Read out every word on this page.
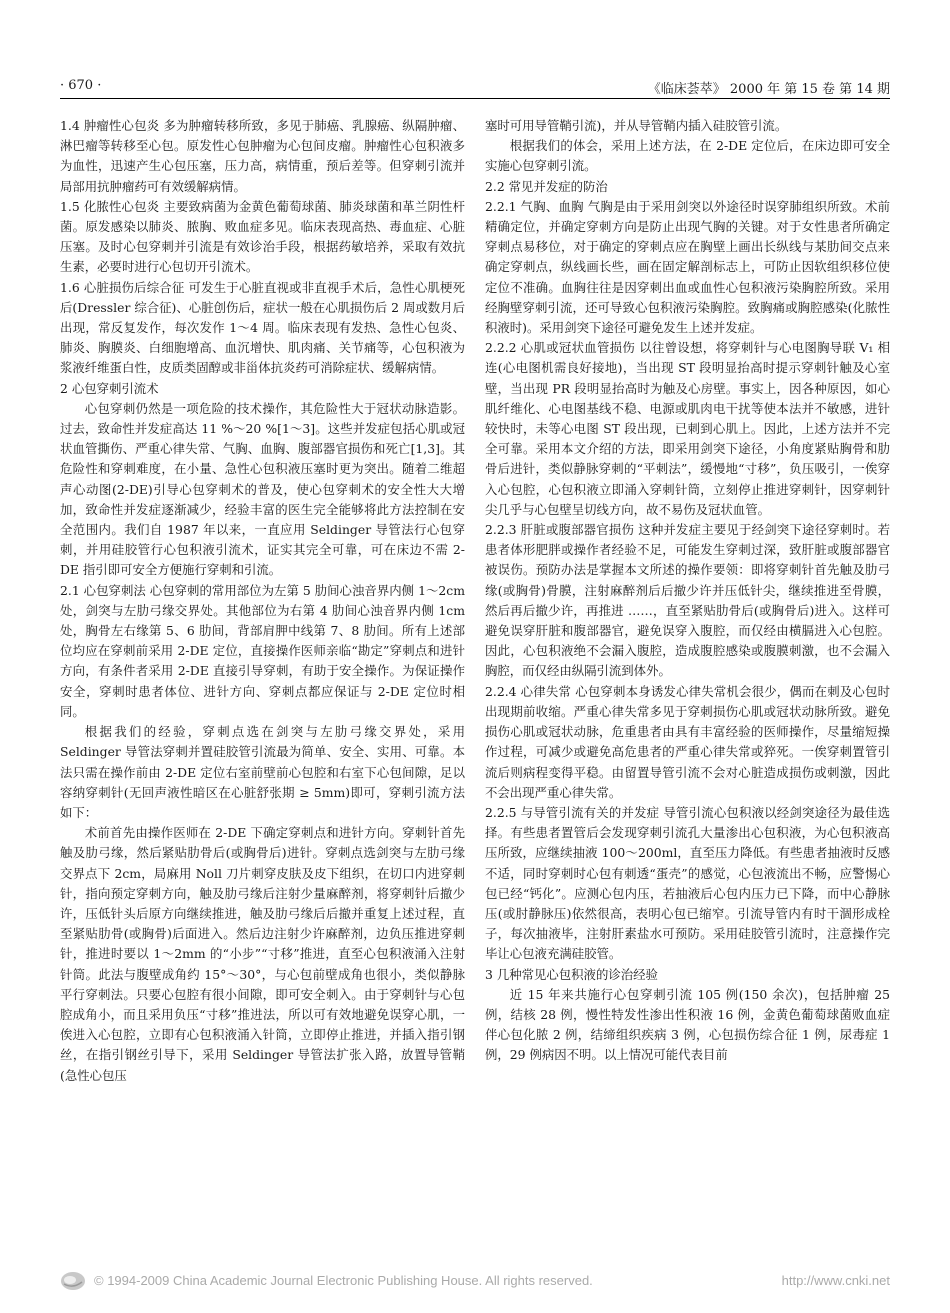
· 670 ·	《临床荟萃》 2000 年 第 15 卷 第 14 期

1.4 肿瘤性心包炎 多为肿瘤转移所致，多见于肺癌、乳腺癌、纵隔肿瘤、淋巴瘤等转移至心包。原发性心包肿瘤为心包间皮瘤。肿瘤性心包积液多为血性，迅速产生心包压塞，压力高，病情重，预后差等。但穿刺引流并局部用抗肿瘤药可有效缓解病情。

1.5 化脓性心包炎 主要致病菌为金黄色葡萄球菌、肺炎球菌和革兰阴性杆菌。原发感染以肺炎、脓胸、败血症多见。临床表现高热、毒血症、心脏压塞。及时心包穿刺并引流是有效诊治手段，根据药敏培养，采取有效抗生素，必要时进行心包切开引流术。

1.6 心脏损伤后综合征 可发生于心脏直视或非直视手术后，急性心肌梗死后(Dressler 综合征)、心脏创伤后，症状一般在心肌损伤后 2 周或数月后出现，常反复发作，每次发作 1～4 周。临床表现有发热、急性心包炎、肺炎、胸膜炎、白细胞增高、血沉增快、肌肉痛、关节痛等，心包积液为浆液纤维蛋白性，皮质类固醇或非甾体抗炎药可消除症状、缓解病情。

2 心包穿刺引流术

心包穿刺仍然是一项危险的技术操作，其危险性大于冠状动脉造影。过去，致命性并发症高达 11 %～20 %[1～3]。这些并发症包括心肌或冠状血管撕伤、严重心律失常、气胸、血胸、腹部器官损伤和死亡[1,3]。其危险性和穿刺难度，在小量、急性心包积液压塞时更为突出。随着二维超声心动图(2-DE)引导心包穿刺术的普及，使心包穿刺术的安全性大大增加，致命性并发症逐渐减少，经验丰富的医生完全能够将此方法控制在安全范围内。我们自 1987 年以来，一直应用 Seldinger 导管法行心包穿刺，并用硅胶管行心包积液引流术，证实其完全可靠，可在床边不需 2-DE 指引即可安全方便施行穿刺和引流。

2.1 心包穿刺法 心包穿刺的常用部位为左第 5 肋间心浊音界内侧 1～2cm 处，剑突与左肋弓缘交界处。其他部位为右第 4 肋间心浊音界内侧 1cm 处，胸骨左右缘第 5、6 肋间，背部肩胛中线第 7、8 肋间。所有上述部位均应在穿刺前采用 2-DE 定位，直接操作医师亲临“勘定”穿刺点和进针方向，有条件者采用 2-DE 直接引导穿刺，有助于安全操作。为保证操作安全，穿刺时患者体位、进针方向、穿刺点都应保证与 2-DE 定位时相同。

根据我们的经验，穿刺点选在剑突与左肋弓缘交界处，采用 Seldinger 导管法穿刺并置硅胶管引流最为简单、安全、实用、可靠。本法只需在操作前由 2-DE 定位右室前壁前心包腔和右室下心包间隙，足以容纳穿刺针(无回声液性暗区在心脏舒张期 ≥ 5mm)即可，穿刺引流方法如下：

术前首先由操作医师在 2-DE 下确定穿刺点和进针方向。穿刺针首先触及肋弓缘，然后紧贴肋骨后(或胸骨后)进针。穿刺点选剑突与左肋弓缘交界点下 2cm，局麻用 Noll 刀片刺穿皮肤及皮下组织，在切口内进穿刺针，指向预定穿刺方向，触及肋弓缘后注射少量麻醉剂，将穿刺针后撤少许，压低针头后原方向继续推进，触及肋弓缘后后撤并重复上述过程，直至紧贴肋骨(或胸骨)后面进入。然后边注射少许麻醉剂，边负压推进穿刺针，推进时要以 1～2mm 的“小步”“寸移”推进，直至心包积液涌入注射针筒。此法与腹壁成角约 15°～30°，与心包前壁成角也很小，类似静脉平行穿刺法。只要心包腔有很小间隙，即可安全刺入。由于穿刺针与心包腔成角小，而且采用负压“寸移”推进法，所以可有效地避免误穿心肌，一俟进入心包腔，立即有心包积液涌入针筒，立即停止推进，并插入指引钢丝，在指引钢丝引导下，采用 Seldinger 导管法扩张入路，放置导管鞘(急性心包压

塞时可用导管鞘引流)，并从导管鞘内插入硅胶管引流。

根据我们的体会，采用上述方法，在 2-DE 定位后，在床边即可安全实施心包穿刺引流。

2.2 常见并发症的防治

2.2.1 气胸、血胸 气胸是由于采用剑突以外途径时误穿肺组织所致。术前精确定位，并确定穿刺方向是防止出现气胸的关键。对于女性患者所确定穿刺点易移位，对于确定的穿刺点应在胸壁上画出长纵线与某肋间交点来确定穿刺点，纵线画长些，画在固定解剖标志上，可防止因软组织移位使定位不准确。血胸往往是因穿刺出血或血性心包积液污染胸腔所致。采用经胸壁穿刺引流，还可导致心包积液污染胸腔。致胸痛或胸腔感染(化脓性积液时)。采用剑突下途径可避免发生上述并发症。

2.2.2 心肌或冠状血管损伤 以往曾设想，将穿刺针与心电图胸导联 V₁ 相连(心电图机需良好接地)，当出现 ST 段明显抬高时提示穿刺针触及心室壁，当出现 PR 段明显抬高时为触及心房壁。事实上，因各种原因，如心肌纤维化、心电图基线不稳、电源或肌肉电干扰等使本法并不敏感，进针较快时，未等心电图 ST 段出现，已刺到心肌上。因此，上述方法并不完全可靠。采用本文介绍的方法，即采用剑突下途径，小角度紧贴胸骨和肋骨后进针，类似静脉穿刺的“平刺法”，缓慢地“寸移”，负压吸引，一俟穿入心包腔，心包积液立即涌入穿刺针筒，立刻停止推进穿刺针，因穿刺针尖几乎与心包壁呈切线方向，故不易伤及冠状血管。

2.2.3 肝脏或腹部器官损伤 这种并发症主要见于经剑突下途径穿刺时。若患者体形肥胖或操作者经验不足，可能发生穿刺过深，致肝脏或腹部器官被误伤。预防办法是掌握本文所述的操作要领：即将穿刺针首先触及肋弓缘(或胸骨)骨膜，注射麻醉剂后后撤少许并压低针尖，继续推进至骨膜，然后再后撤少许，再推进 ……，直至紧贴肋骨后(或胸骨后)进入。这样可避免误穿肝脏和腹部器官，避免误穿入腹腔，而仅经由横膈进入心包腔。因此，心包积液绝不会漏入腹腔，造成腹腔感染或腹膜刺激，也不会漏入胸腔，而仅经由纵隔引流到体外。

2.2.4 心律失常 心包穿刺本身诱发心律失常机会很少，偶而在刺及心包时出现期前收缩。严重心律失常多见于穿刺损伤心肌或冠状动脉所致。避免损伤心肌或冠状动脉，危重患者由具有丰富经验的医师操作，尽量缩短操作过程，可减少或避免高危患者的严重心律失常或猝死。一俟穿刺置管引流后则病程变得平稳。由留置导管引流不会对心脏造成损伤或刺激，因此不会出现严重心律失常。

2.2.5 与导管引流有关的并发症 导管引流心包积液以经剑突途径为最佳选择。有些患者置管后会发现穿刺引流孔大量渗出心包积液，为心包积液高压所致，应继续抽液 100～200ml，直至压力降低。有些患者抽液时反感不适，同时穿刺时心包有刺透“蛋壳”的感觉，心包液流出不畅，应警惕心包已经“钙化”。应测心包内压，若抽液后心包内压力已下降，而中心静脉压(或肘静脉压)依然很高，表明心包已缩窄。引流导管内有时干涸形成栓子，每次抽液毕，注射肝素盐水可预防。采用硅胶管引流时，注意操作完毕让心包液充满硅胶管。

3 几种常见心包积液的诊治经验

近 15 年来共施行心包穿刺引流 105 例(150 余次)，包括肿瘤 25 例，结核 28 例，慢性特发性渗出性积液 16 例，金黄色葡萄球菌败血症伴心包化脓 2 例，结缔组织疾病 3 例，心包损伤综合征 1 例，尿毒症 1 例，29 例病因不明。以上情况可能代表目前

© 1994-2009 China Academic Journal Electronic Publishing House. All rights reserved.	http://www.cnki.net
